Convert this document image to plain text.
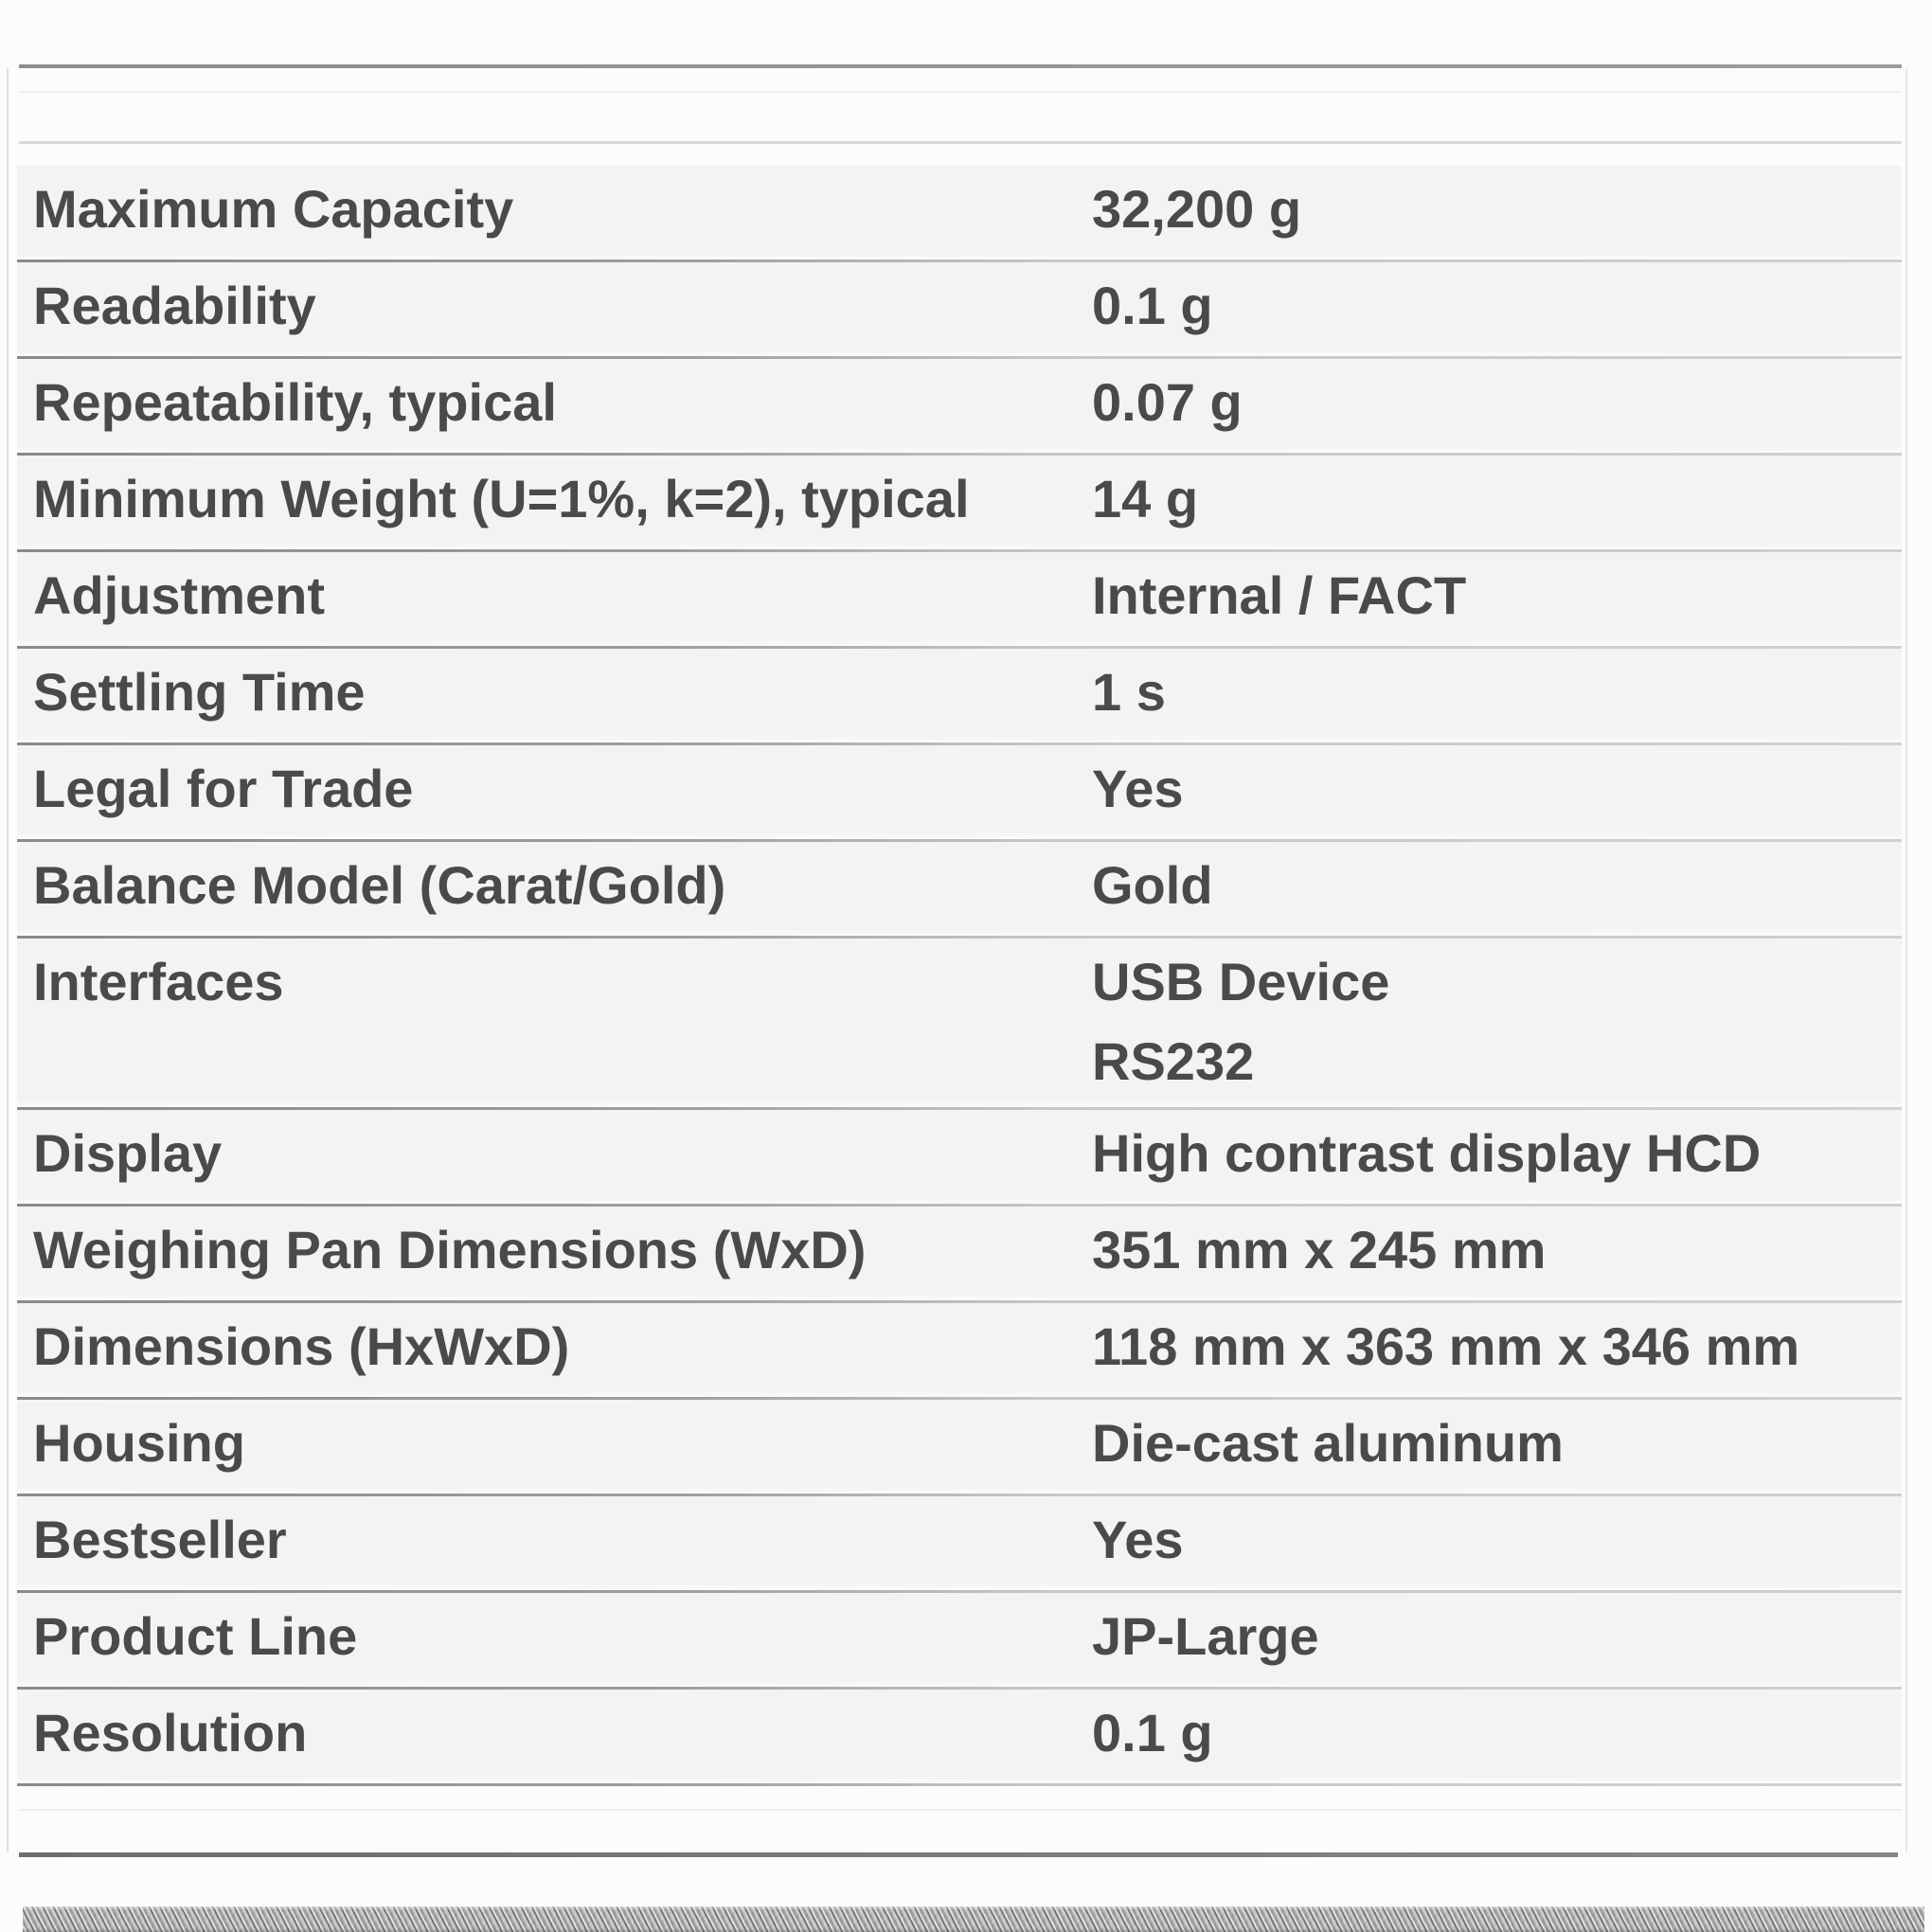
Maximum Capacity	32,200 g
Readability	0.1 g
Repeatability, typical	0.07 g
Minimum Weight (U=1%, k=2), typical	14 g
Adjustment	Internal / FACT
Settling Time	1 s
Legal for Trade	Yes
Balance Model (Carat/Gold)	Gold
Interfaces	USB Device
RS232
Display	High contrast display HCD
Weighing Pan Dimensions (WxD)	351 mm x 245 mm
Dimensions (HxWxD)	118 mm x 363 mm x 346 mm
Housing	Die-cast aluminum
Bestseller	Yes
Product Line	JP-Large
Resolution	0.1 g
